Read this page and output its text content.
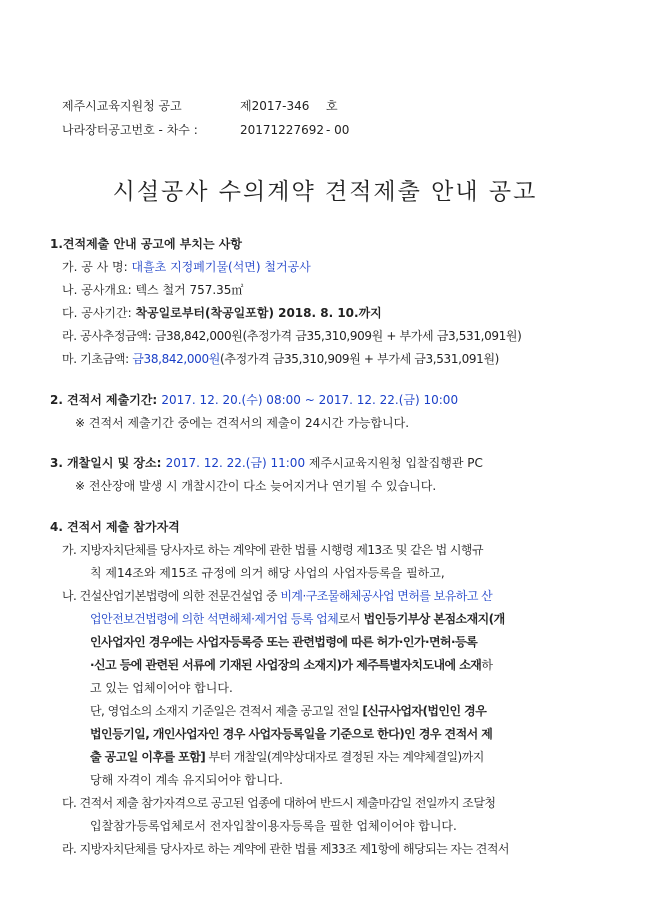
제주시교육지원청 공고	제2017-346 호
나라장터공고번호 - 차수 :	20171227692 - 00
시설공사 수의계약 견적제출 안내 공고
1.견적제출 안내 공고에 부치는 사항
가. 공 사 명: 대흘초 지정폐기물(석면) 철거공사
나. 공사개요: 텍스 철거 757.35㎡
다. 공사기간: 착공일로부터(착공일포함) 2018. 8. 10.까지
라. 공사추정금액: 금38,842,000원(추정가격 금35,310,909원 + 부가세 금3,531,091원)
마. 기초금액: 금38,842,000원(추정가격 금35,310,909원 + 부가세 금3,531,091원)
2. 견적서 제출기간: 2017. 12. 20.(수) 08:00 ~ 2017. 12. 22.(금) 10:00
※ 견적서 제출기간 중에는 견적서의 제출이 24시간 가능합니다.
3. 개찰일시 및 장소: 2017. 12. 22.(금) 11:00 제주시교육지원청 입찰집행관 PC
※ 전산장애 발생 시 개찰시간이 다소 늦어지거나 연기될 수 있습니다.
4. 견적서 제출 참가자격
가. 지방자치단체를 당사자로 하는 계약에 관한 법률 시행령 제13조 및 같은 법 시행규
칙 제14조와 제15조 규정에 의거 해당 사업의 사업자등록을 필하고,
나. 건설산업기본법령에 의한 전문건설업 중 비계·구조물해체공사업 면허를 보유하고 산
업안전보건법령에 의한 석면해체·제거업 등록 업체로서 법인등기부상 본점소재지(개
인사업자인 경우에는 사업자등록증 또는 관련법령에 따른 허가·인가·면허·등록
·신고 등에 관련된 서류에 기재된 사업장의 소재지)가 제주특별자치도내에 소재하
고 있는 업체이어야 합니다.
단, 영업소의 소재지 기준일은 견적서 제출 공고일 전일 [신규사업자(법인인 경우
법인등기일, 개인사업자인 경우 사업자등록일을 기준으로 한다)인 경우 견적서 제
출 공고일 이후를 포함] 부터 개찰일(계약상대자로 결정된 자는 계약체결일)까지
당해 자격이 계속 유지되어야 합니다.
다. 견적서 제출 참가자격으로 공고된 업종에 대하여 반드시 제출마감일 전일까지 조달청
입찰참가등록업체로서 전자입찰이용자등록을 필한 업체이어야 합니다.
라. 지방자치단체를 당사자로 하는 계약에 관한 법률 제33조 제1항에 해당되는 자는 견적서
